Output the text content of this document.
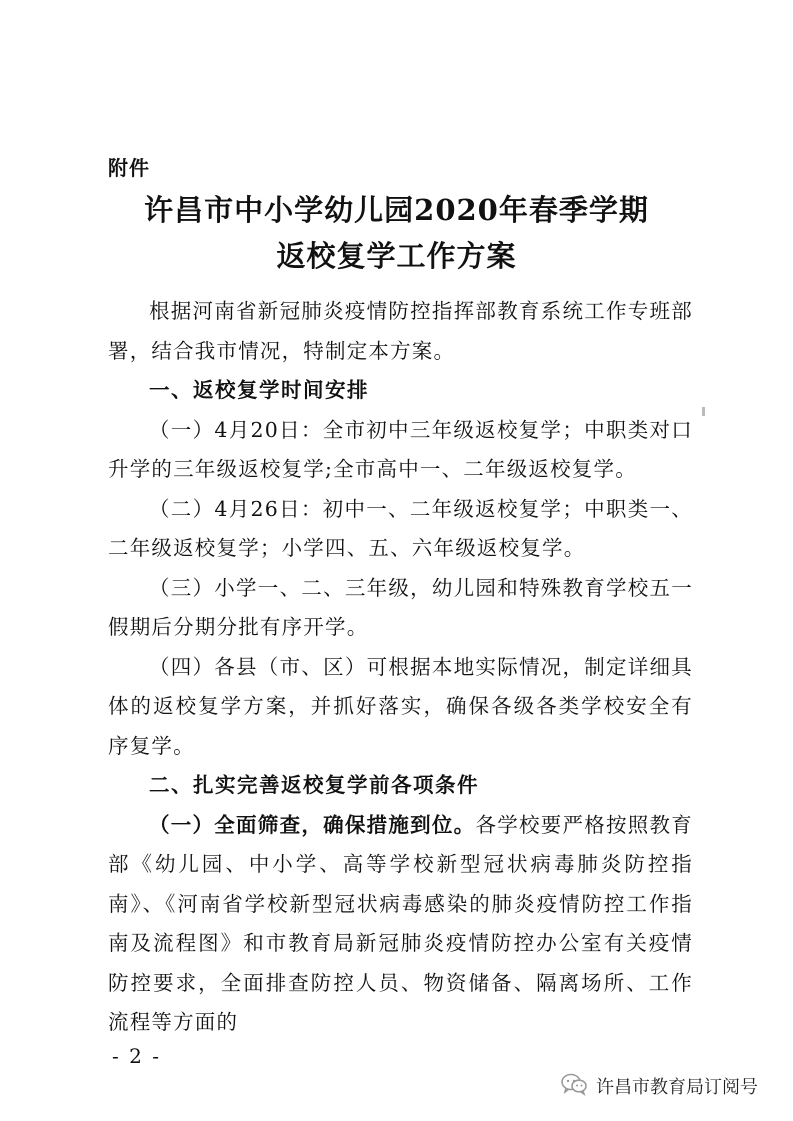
附件
许昌市中小学幼儿园2020年春季学期
返校复学工作方案

根据河南省新冠肺炎疫情防控指挥部教育系统工作专班部署，结合我市情况，特制定本方案。

一、返校复学时间安排

（一）4月20日：全市初中三年级返校复学；中职类对口升学的三年级返校复学;全市高中一、二年级返校复学。

（二）4月26日：初中一、二年级返校复学；中职类一、二年级返校复学；小学四、五、六年级返校复学。

（三）小学一、二、三年级，幼儿园和特殊教育学校五一假期后分期分批有序开学。

（四）各县（市、区）可根据本地实际情况，制定详细具体的返校复学方案，并抓好落实，确保各级各类学校安全有序复学。

二、扎实完善返校复学前各项条件

（一）全面筛查，确保措施到位。各学校要严格按照教育部《幼儿园、中小学、高等学校新型冠状病毒肺炎防控指南》、《河南省学校新型冠状病毒感染的肺炎疫情防控工作指南及流程图》和市教育局新冠肺炎疫情防控办公室有关疫情防控要求，全面排查防控人员、物资储备、隔离场所、工作流程等方面的

- 2 -
许昌市教育局订阅号
